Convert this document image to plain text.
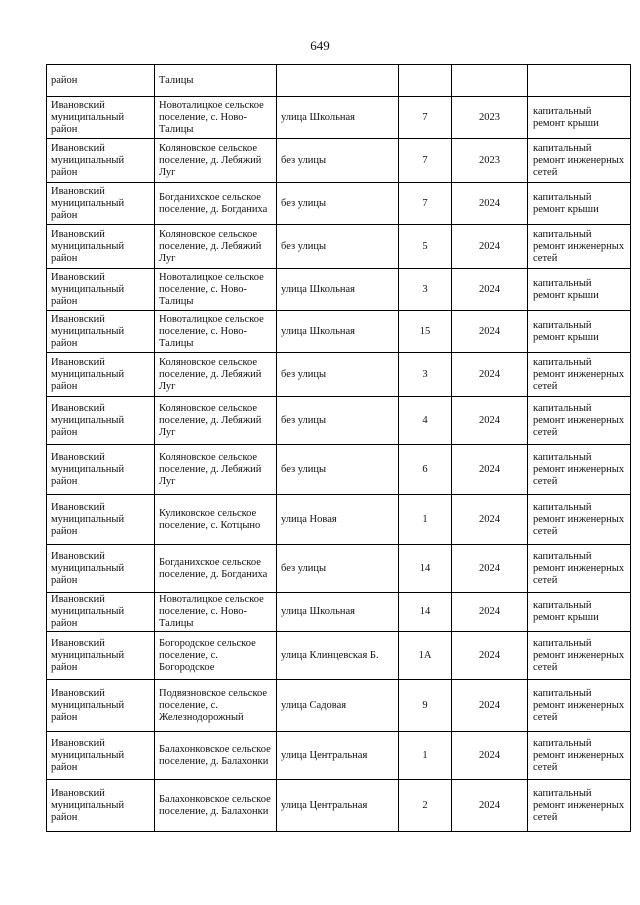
649
район	Талицы				
Ивановский муниципальный район	Новоталицкое сельское поселение, с. Ново-Талицы	улица Школьная	7	2023	капитальный ремонт крыши
Ивановский муниципальный район	Коляновское сельское поселение, д. Лебяжий Луг	без улицы	7	2023	капитальный ремонт инженерных сетей
Ивановский муниципальный район	Богданихское сельское поселение, д. Богданиха	без улицы	7	2024	капитальный ремонт крыши
Ивановский муниципальный район	Коляновское сельское поселение, д. Лебяжий Луг	без улицы	5	2024	капитальный ремонт инженерных сетей
Ивановский муниципальный район	Новоталицкое сельское поселение, с. Ново-Талицы	улица Школьная	3	2024	капитальный ремонт крыши
Ивановский муниципальный район	Новоталицкое сельское поселение, с. Ново-Талицы	улица Школьная	15	2024	капитальный ремонт крыши
Ивановский муниципальный район	Коляновское сельское поселение, д. Лебяжий Луг	без улицы	3	2024	капитальный ремонт инженерных сетей
Ивановский муниципальный район	Коляновское сельское поселение, д. Лебяжий Луг	без улицы	4	2024	капитальный ремонт инженерных сетей
Ивановский муниципальный район	Коляновское сельское поселение, д. Лебяжий Луг	без улицы	6	2024	капитальный ремонт инженерных сетей
Ивановский муниципальный район	Куликовское сельское поселение, с. Котцыно	улица Новая	1	2024	капитальный ремонт инженерных сетей
Ивановский муниципальный район	Богданихское сельское поселение, д. Богданиха	без улицы	14	2024	капитальный ремонт инженерных сетей
Ивановский муниципальный район	Новоталицкое сельское поселение, с. Ново-Талицы	улица Школьная	14	2024	капитальный ремонт крыши
Ивановский муниципальный район	Богородское сельское поселение, с. Богородское	улица Клинцевская Б.	1А	2024	капитальный ремонт инженерных сетей
Ивановский муниципальный район	Подвязновское сельское поселение, с. Железнодорожный	улица Садовая	9	2024	капитальный ремонт инженерных сетей
Ивановский муниципальный район	Балахонковское сельское поселение, д. Балахонки	улица Центральная	1	2024	капитальный ремонт инженерных сетей
Ивановский муниципальный район	Балахонковское сельское поселение, д. Балахонки	улица Центральная	2	2024	капитальный ремонт инженерных сетей
